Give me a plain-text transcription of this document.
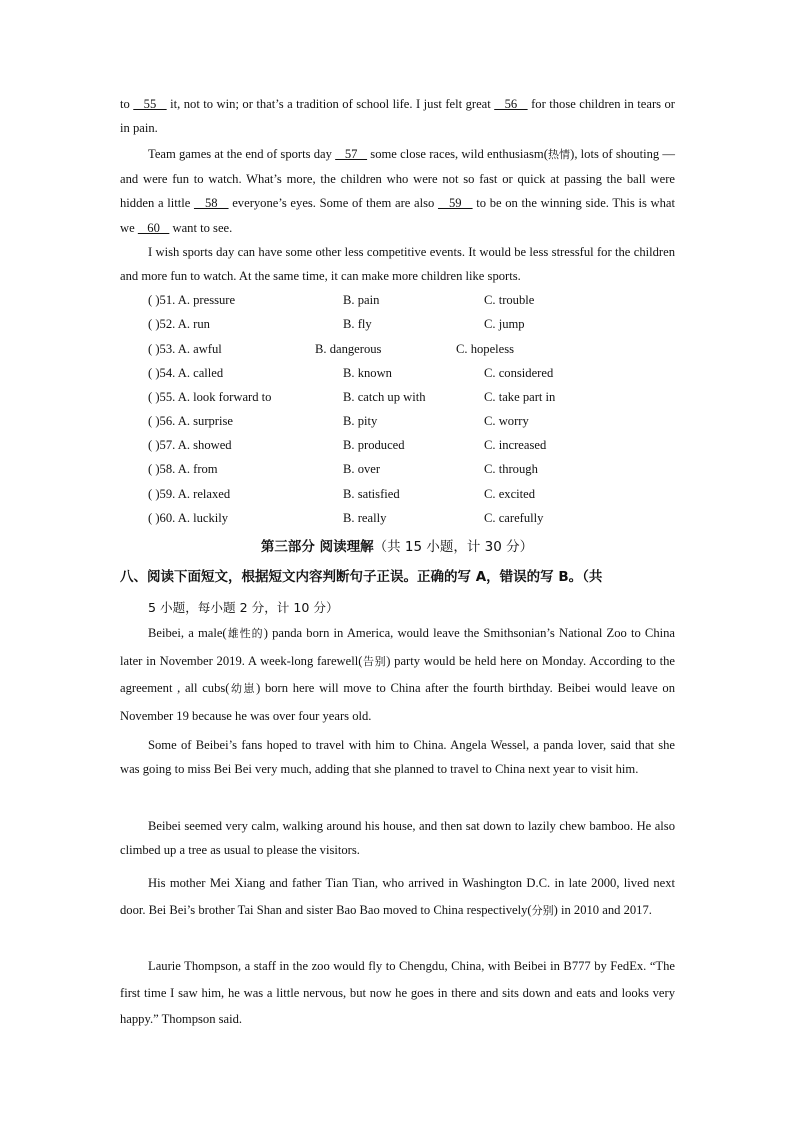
to    55    it, not to win; or that’s a tradition of school life. I just felt great    56    for those children in tears or in pain.

Team games at the end of sports day    57    some close races, wild enthusiasm(热情), lots of shouting — and were fun to watch. What’s more, the children who were not so fast or quick at passing the ball were hidden a little    58    everyone’s eyes. Some of them are also    59    to be on the winning side. This is what we    60    want to see.

I wish sports day can have some other less competitive events. It would be less stressful for the children and more fun to watch. At the same time, it can make more children like sports.

( )51. A. pressure	B. pain	C. trouble
( )52. A. run	B. fly	C. jump
( )53. A. awful	B. dangerous	C. hopeless
( )54. A. called	B. known	C. considered
( )55. A. look forward to	B. catch up with	C. take part in
( )56. A. surprise	B. pity	C. worry
( )57. A. showed	B. produced	C. increased
( )58. A. from	B. over	C. through
( )59. A. relaxed	B. satisfied	C. excited
( )60. A. luckily	B. really	C. carefully
第三部分 阅读理解（共 15 小题，计 30 分）

八、阅读下面短文，根据短文内容判断句子正误。正确的写 A，错误的写 B。（共

5 小题，每小题 2 分，计 10 分）

Beibei, a male(雄性的) panda born in America, would leave the Smithsonian’s National Zoo to China later in November 2019. A week-long farewell(告别) party would be held here on Monday. According to the agreement , all cubs(幼崽) born here will move to China after the fourth birthday. Beibei would leave on November 19 because he was over four years old.

Some of Beibei’s fans hoped to travel with him to China. Angela Wessel, a panda lover, said that she was going to miss Bei Bei very much, adding that she planned to travel to China next year to visit him.

Beibei seemed very calm, walking around his house, and then sat down to lazily chew bamboo. He also climbed up a tree as usual to please the visitors.

His mother Mei Xiang and father Tian Tian, who arrived in Washington D.C. in late 2000, lived next door. Bei Bei’s brother Tai Shan and sister Bao Bao moved to China respectively(分别) in 2010 and 2017.

Laurie Thompson, a staff in the zoo would fly to Chengdu, China, with Beibei in B777 by FedEx. “The first time I saw him, he was a little nervous, but now he goes in there and sits down and eats and looks very happy.” Thompson said.
